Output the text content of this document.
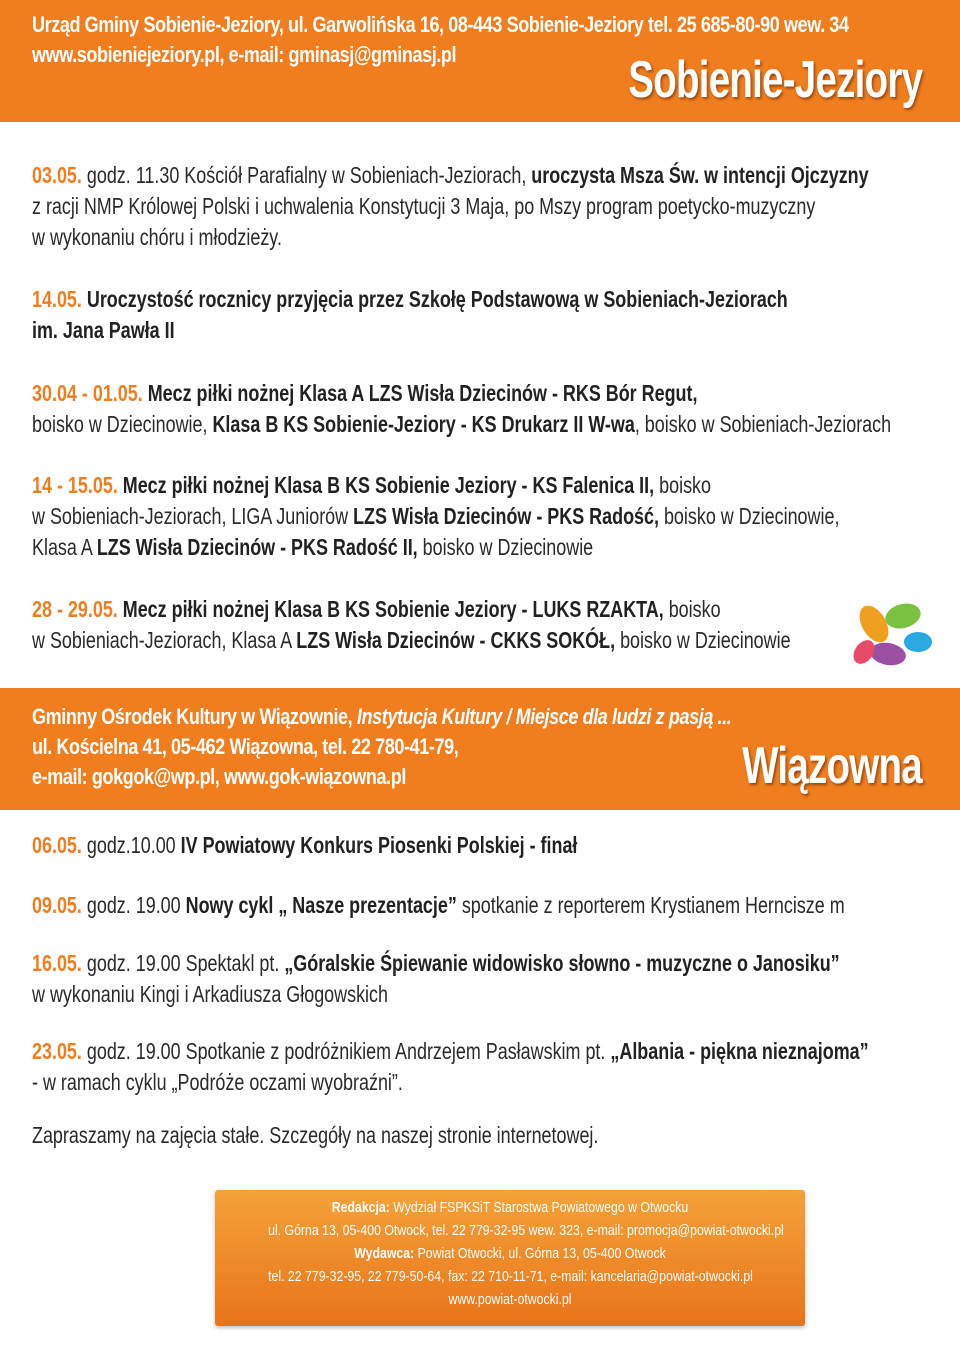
Urząd Gminy Sobienie-Jeziory, ul. Garwolińska 16, 08-443 Sobienie-Jeziory tel. 25 685-80-90 wew. 34
www.sobieniejeziory.pl, e-mail: gminasj@gminasj.pl	Sobienie-Jeziory
03.05. godz. 11.30 Kościół Parafialny w Sobieniach-Jeziorach, uroczysta Msza Św. w intencji Ojczyzny
z racji NMP Królowej Polski i uchwalenia Konstytucji 3 Maja, po Mszy program poetycko-muzyczny
w wykonaniu chóru i młodzieży.
14.05. Uroczystość rocznicy przyjęcia przez Szkołę Podstawową w Sobieniach-Jeziorach
im. Jana Pawła II
30.04 - 01.05. Mecz piłki nożnej Klasa A LZS Wisła Dziecinów - RKS Bór Regut,
boisko w Dziecinowie, Klasa B KS Sobienie-Jeziory - KS Drukarz II W-wa, boisko w Sobieniach-Jeziorach
14 - 15.05. Mecz piłki nożnej Klasa B KS Sobienie Jeziory - KS Falenica II, boisko
w Sobieniach-Jeziorach, LIGA Juniorów LZS Wisła Dziecinów - PKS Radość, boisko w Dziecinowie,
Klasa A LZS Wisła Dziecinów - PKS Radość II, boisko w Dziecinowie
28 - 29.05. Mecz piłki nożnej Klasa B KS Sobienie Jeziory - LUKS RZAKTA, boisko
w Sobieniach-Jeziorach, Klasa A LZS Wisła Dziecinów - CKKS SOKÓŁ, boisko w Dziecinowie
Gminny Ośrodek Kultury w Wiązownie, Instytucja Kultury / Miejsce dla ludzi z pasją ...
ul. Kościelna 41, 05-462 Wiązowna, tel. 22 780-41-79,
e-mail: gokgok@wp.pl, www.gok-wiązowna.pl	Wiązowna
06.05. godz.10.00 IV Powiatowy Konkurs Piosenki Polskiej - finał
09.05. godz. 19.00 Nowy cykl „ Nasze prezentacje” spotkanie z reporterem Krystianem Herncisze m
16.05. godz. 19.00 Spektakl pt. „Góralskie Śpiewanie widowisko słowno - muzyczne o Janosiku”
w wykonaniu Kingi i Arkadiusza Głogowskich
23.05. godz. 19.00 Spotkanie z podróżnikiem Andrzejem Pasławskim pt. „Albania - piękna nieznajoma”
- w ramach cyklu „Podróże oczami wyobraźni”.
Zapraszamy na zajęcia stałe. Szczegóły na naszej stronie internetowej.
Redakcja: Wydział FSPKSiT Starostwa Powiatowego w Otwocku
ul. Górna 13, 05-400 Otwock, tel. 22 779-32-95 wew. 323, e-mail: promocja@powiat-otwocki.pl
Wydawca: Powiat Otwocki, ul. Górna 13, 05-400 Otwock
tel. 22 779-32-95, 22 779-50-64, fax: 22 710-11-71, e-mail: kancelaria@powiat-otwocki.pl
www.powiat-otwocki.pl
